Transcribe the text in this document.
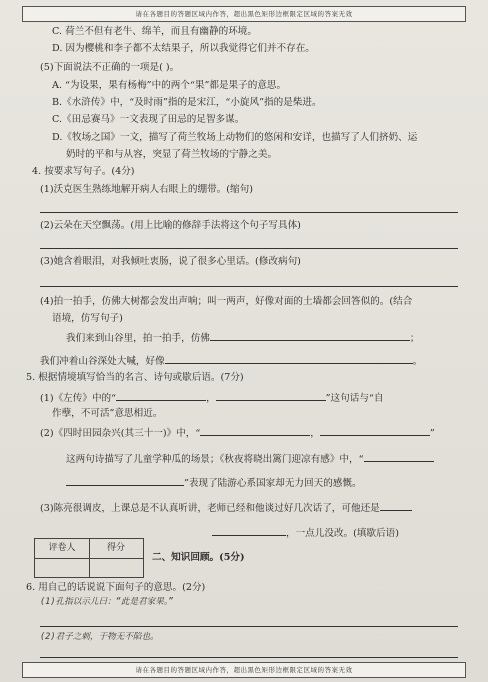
请在各题目的答题区域内作答，超出黑色矩形边框限定区域的答案无效
C. 荷兰不但有老牛、绵羊，而且有幽静的环境。
D. 因为樱桃和李子都不太结果子，所以我觉得它们并不存在。
(5)下面说法不正确的一项是( )。
A. “为设果，果有杨梅”中的两个“果”都是果子的意思。
B.《水浒传》中，“及时雨”指的是宋江，“小旋风”指的是柴进。
C.《田忌赛马》一文表现了田忌的足智多谋。
D.《牧场之国》一文，描写了荷兰牧场上动物们的悠闲和安详，也描写了人们挤奶、运
奶时的平和与从容，突显了荷兰牧场的宁静之美。
4. 按要求写句子。(4分)
(1)沃克医生熟练地解开病人右眼上的绷带。(缩句)
(2)云朵在天空飘荡。(用上比喻的修辞手法将这个句子写具体)
(3)她含着眼泪，对我倾吐衷肠，说了很多心里话。(修改病句)
(4)拍一拍手，仿佛大树都会发出声响；叫一两声，好像对面的土墙都会回答似的。(结合
语境，仿写句子)
我们来到山谷里，拍一拍手，仿佛	；
我们冲着山谷深处大喊，好像	。
5. 根据情境填写恰当的名言、诗句或歇后语。(7分)
(1)《左传》中的“	，	”这句话与“自
作孽，不可活”意思相近。
(2)《四时田园杂兴(其三十一)》中，“	，	”
这两句诗描写了儿童学种瓜的场景；《秋夜将晓出篱门迎凉有感》中，“
”表现了陆游心系国家却无力回天的感慨。
(3)陈亮很调皮，上课总是不认真听讲，老师已经和他谈过好几次话了，可他还是
，一点儿没改。(填歇后语)
评卷人	得分
二、知识回顾。(5分)
6. 用自己的话说说下面句子的意思。(2分)
(1)孔指以示儿曰：“此是君家果。”
(2)君子之刺，于物无不陷也。
请在各题目的答题区域内作答，超出黑色矩形边框限定区域的答案无效
